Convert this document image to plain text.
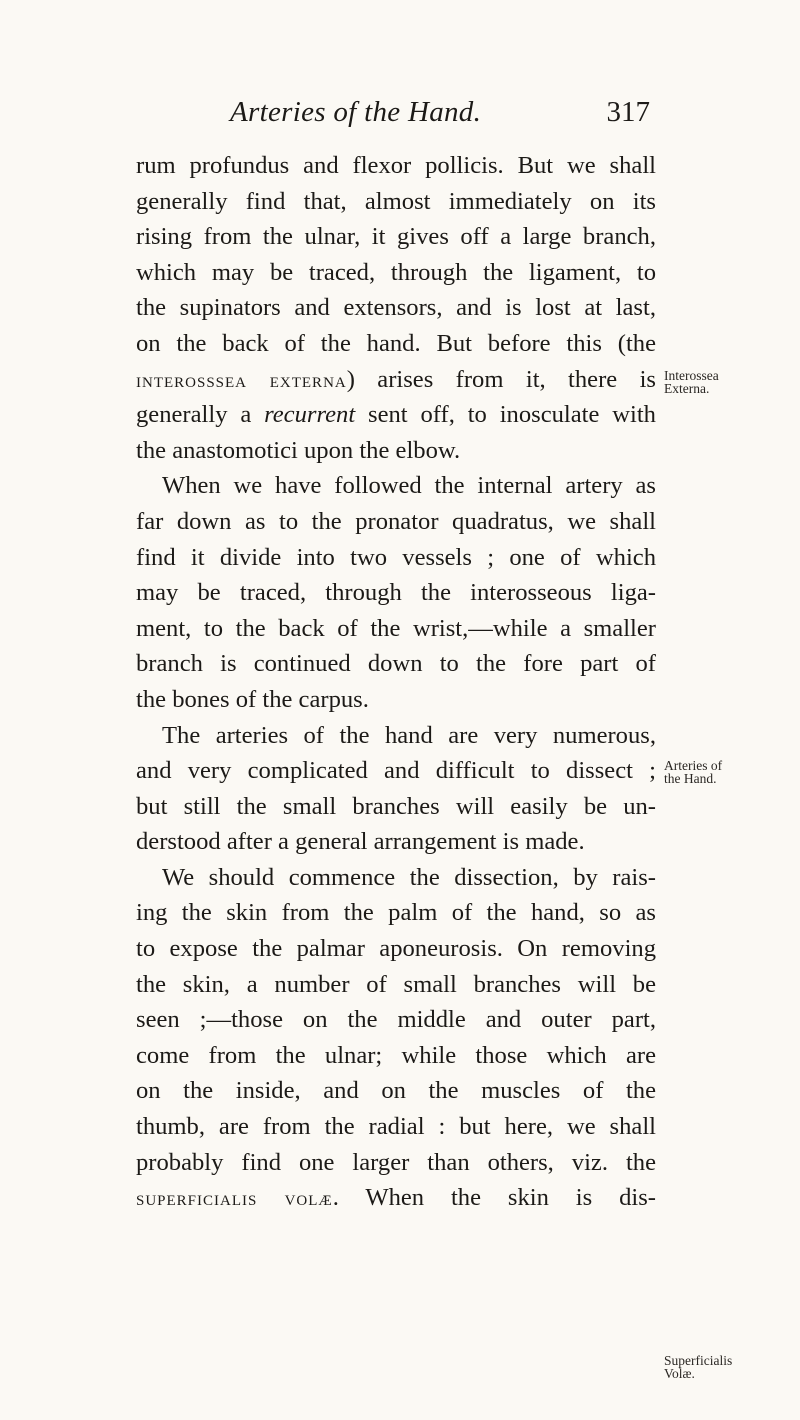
Arteries of the Hand.	317
rum profundus and flexor pollicis. But we shall
generally find that, almost immediately on its
rising from the ulnar, it gives off a large branch,
which may be traced, through the ligament, to
the supinators and extensors, and is lost at last,
on the back of the hand. But before this (the
interosssea externa) arises from it, there is
generally a recurrent sent off, to inosculate with
the anastomotici upon the elbow.
When we have followed the internal artery as
far down as to the pronator quadratus, we shall
find it divide into two vessels ; one of which
may be traced, through the interosseous liga-
ment, to the back of the wrist,—while a smaller
branch is continued down to the fore part of
the bones of the carpus.
The arteries of the hand are very numerous,
and very complicated and difficult to dissect ;
but still the small branches will easily be un-
derstood after a general arrangement is made.
We should commence the dissection, by rais-
ing the skin from the palm of the hand, so as
to expose the palmar aponeurosis. On removing
the skin, a number of small branches will be
seen ;—those on the middle and outer part,
come from the ulnar; while those which are
on the inside, and on the muscles of the
thumb, are from the radial : but here, we shall
probably find one larger than others, viz. the
superficialis volæ. When the skin is dis-
Interossea
Externa.
Arteries of
the Hand.
Superficialis
Volæ.
